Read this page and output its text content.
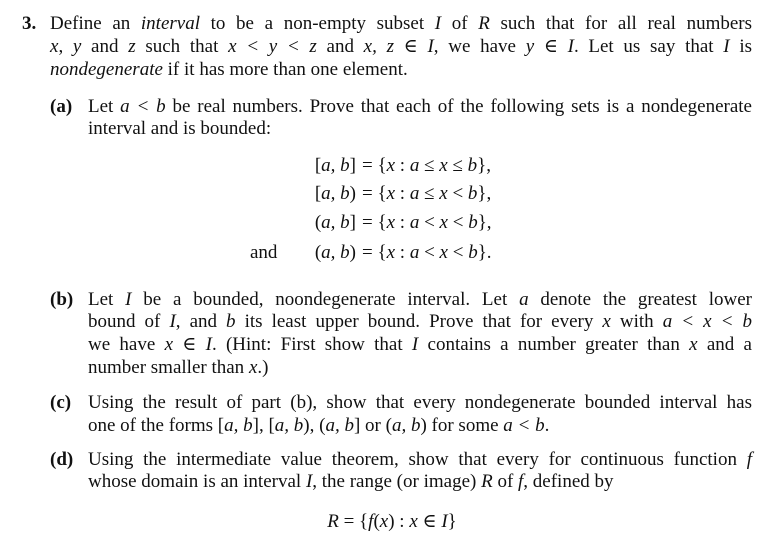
3. Define an interval to be a non-empty subset I of R such that for all real numbers
x, y and z such that x < y < z and x, z ∈ I, we have y ∈ I. Let us say that I is
nondegenerate if it has more than one element.
(a) Let a < b be real numbers. Prove that each of the following sets is a nondegenerate
interval and is bounded:
(b) Let I be a bounded, noondegenerate interval. Let a denote the greatest lower
bound of I, and b its least upper bound. Prove that for every x with a < x < b
we have x ∈ I. (Hint: First show that I contains a number greater than x and a
number smaller than x.)
(c) Using the result of part (b), show that every nondegenerate bounded interval has
one of the forms [a, b], [a, b), (a, b] or (a, b) for some a < b.
(d) Using the intermediate value theorem, show that every for continuous function f
whose domain is an interval I, the range (or image) R of f, defined by
[a, b] = {x : a ≤ x ≤ b},
[a, b) = {x : a ≤ x < b},
(a, b] = {x : a < x < b},
and	(a, b) = {x : a < x < b}.
R = {f(x) : x ∈ I}
